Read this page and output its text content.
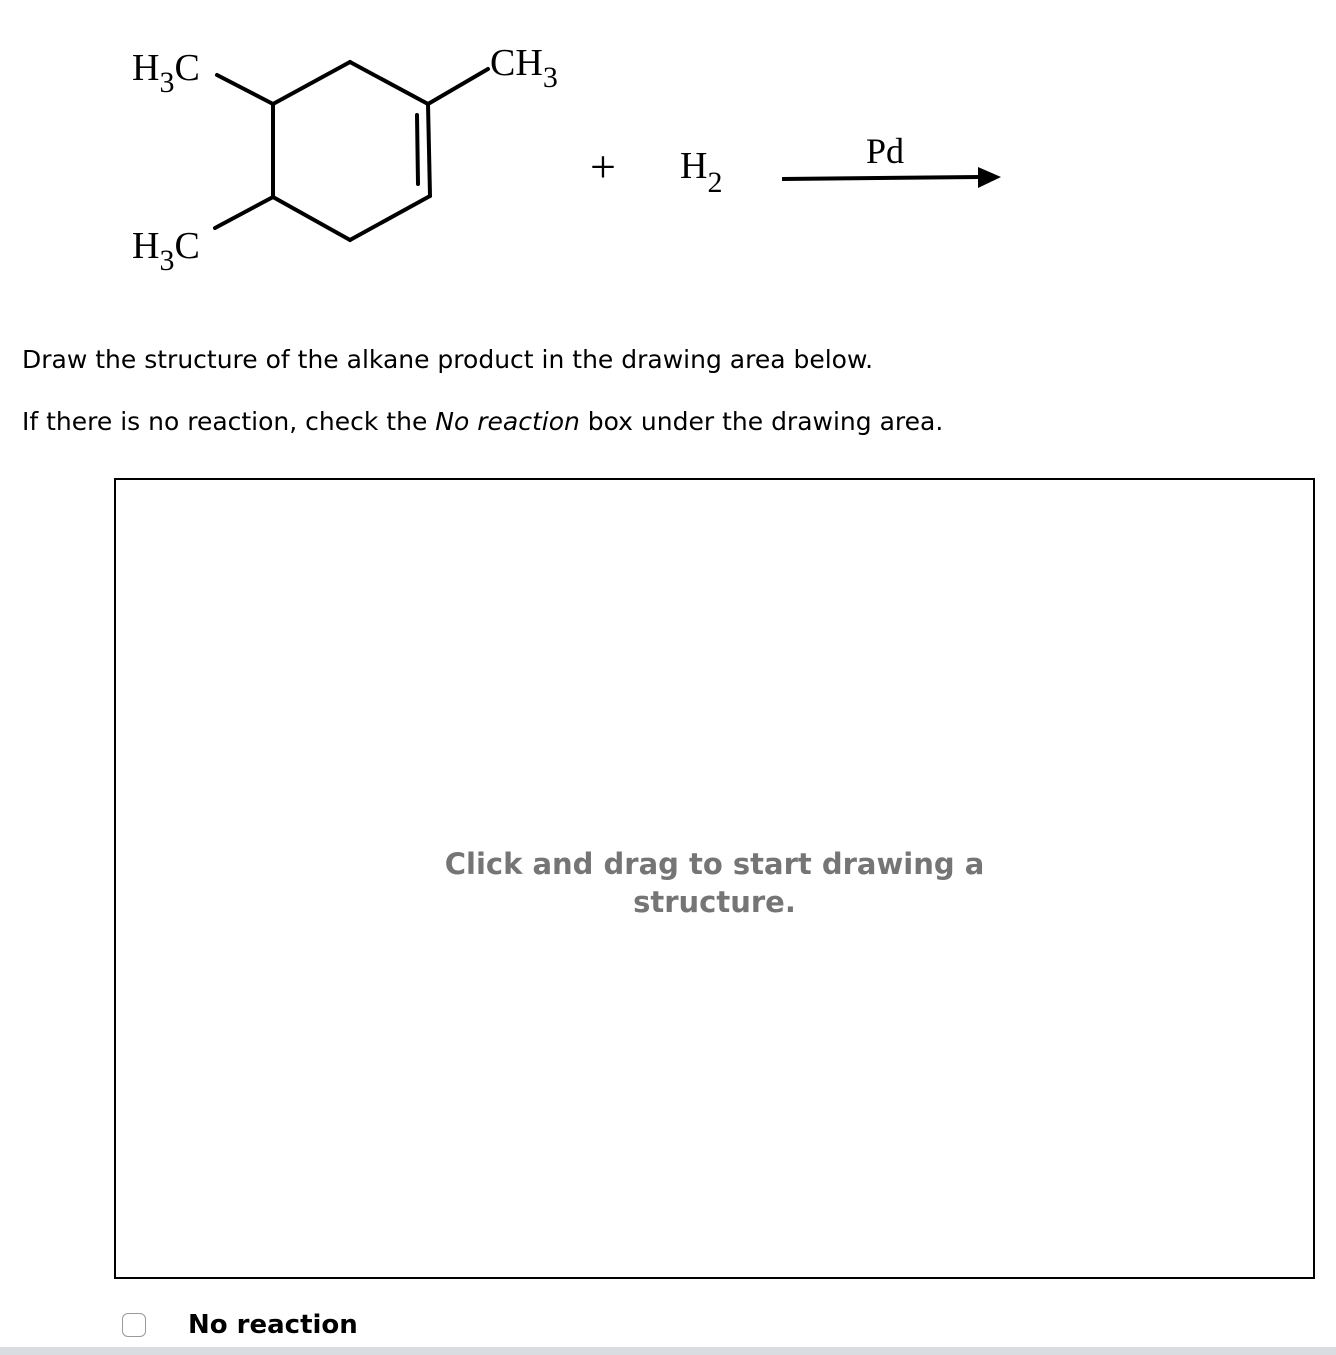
$H_3C$
$H_3C$
$CH_3$
+ $H_2$
Pd

Draw the structure of the alkane product in the drawing area below.

If there is no reaction, check the No reaction box under the drawing area.

Click and drag to start drawing a structure.
No reaction
